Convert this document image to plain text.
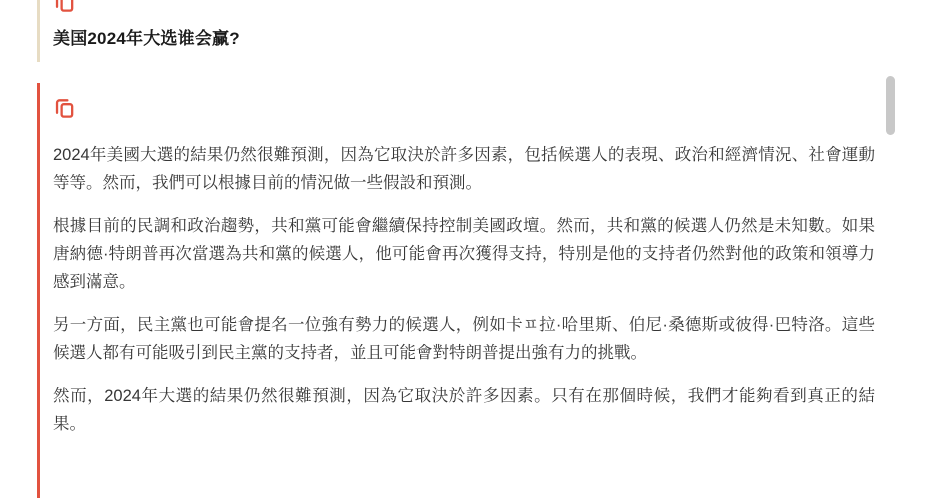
美国2024年大选谁会赢?

2024年美國大選的結果仍然很難預測，因為它取決於許多因素，包括候選人的表現、政治和經濟情況、社會運動等等。然而，我們可以根據目前的情況做一些假設和預測。

根據目前的民調和政治趨勢，共和黨可能會繼續保持控制美國政壇。然而，共和黨的候選人仍然是未知數。如果唐納德·特朗普再次當選為共和黨的候選人，他可能會再次獲得支持，特別是他的支持者仍然對他的政策和領導力感到滿意。

另一方面，民主黨也可能會提名一位強有勢力的候選人，例如卡ㅍ拉·哈里斯、伯尼·桑德斯或彼得·巴特洛。這些候選人都有可能吸引到民主黨的支持者，並且可能會對特朗普提出強有力的挑戰。

然而，2024年大選的結果仍然很難預測，因為它取決於許多因素。只有在那個時候，我們才能夠看到真正的結果。
